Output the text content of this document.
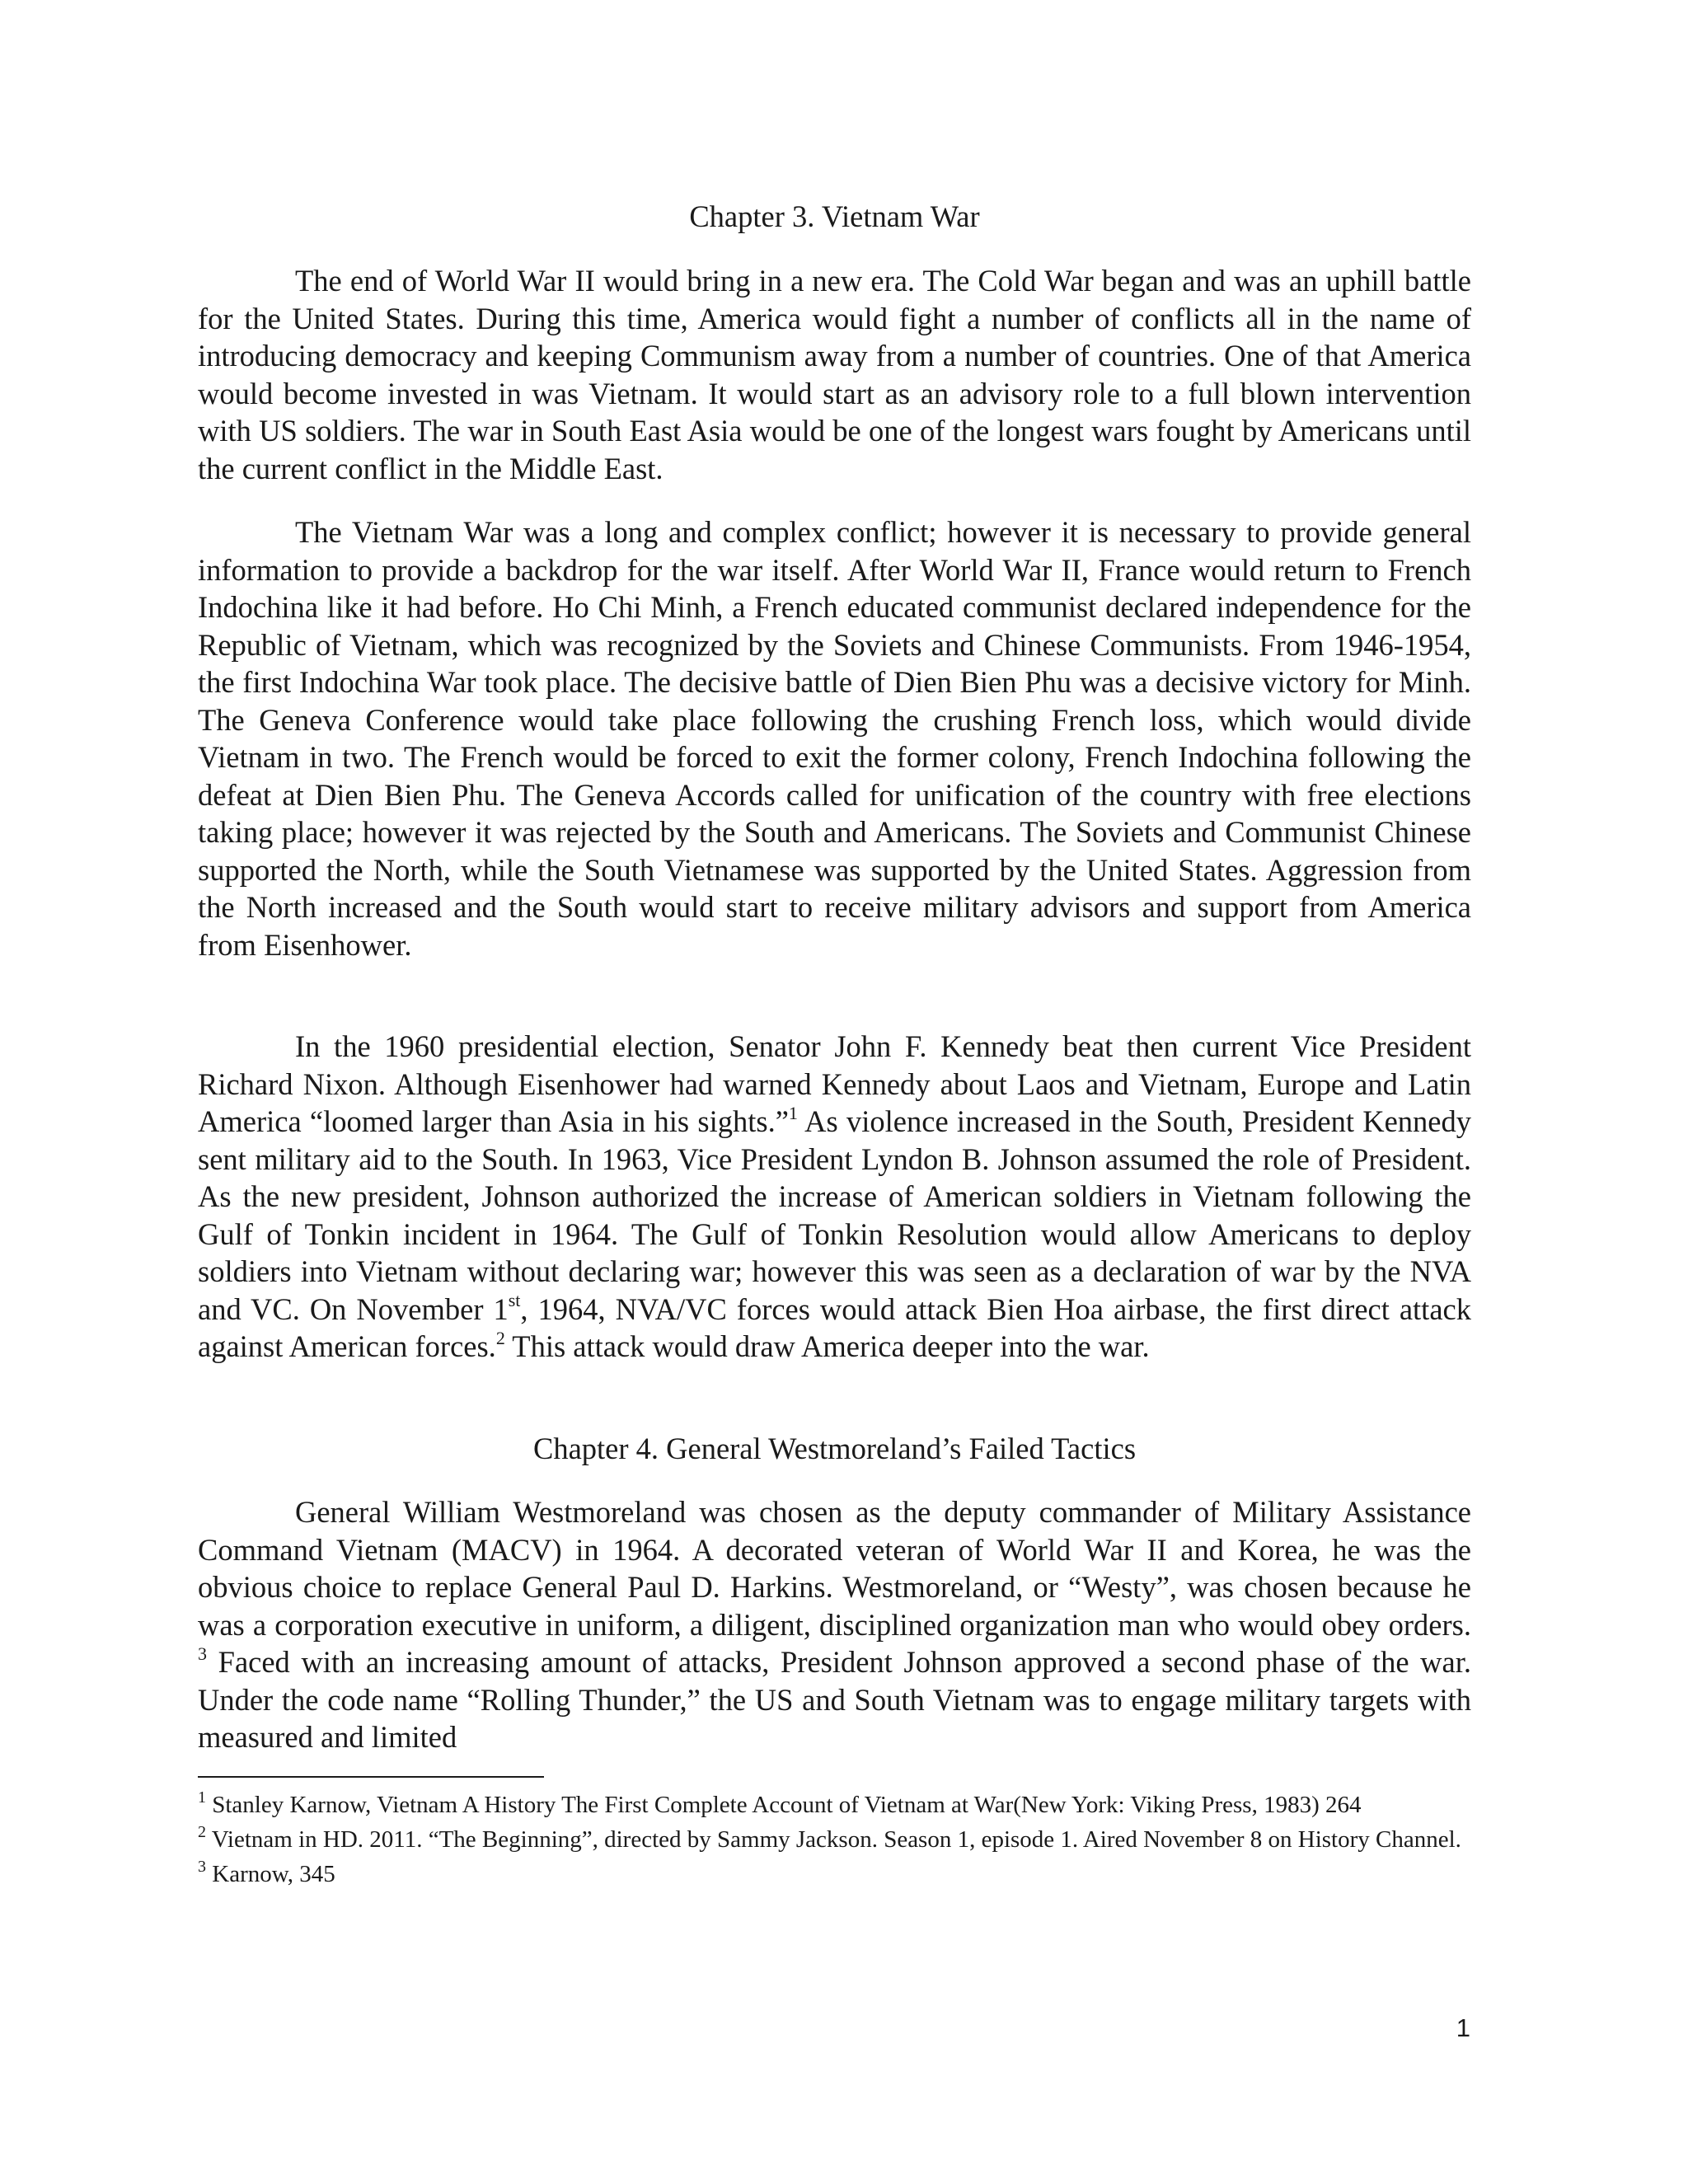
Chapter 3. Vietnam War

The end of World War II would bring in a new era. The Cold War began and was an uphill battle for the United States. During this time, America would fight a number of conflicts all in the name of introducing democracy and keeping Communism away from a number of countries. One of that America would become invested in was Vietnam. It would start as an advisory role to a full blown intervention with US soldiers. The war in South East Asia would be one of the longest wars fought by Americans until the current conflict in the Middle East.

The Vietnam War was a long and complex conflict; however it is necessary to provide general information to provide a backdrop for the war itself. After World War II, France would return to French Indochina like it had before. Ho Chi Minh, a French educated communist declared independence for the Republic of Vietnam, which was recognized by the Soviets and Chinese Communists. From 1946-1954, the first Indochina War took place. The decisive battle of Dien Bien Phu was a decisive victory for Minh. The Geneva Conference would take place following the crushing French loss, which would divide Vietnam in two. The French would be forced to exit the former colony, French Indochina following the defeat at Dien Bien Phu. The Geneva Accords called for unification of the country with free elections taking place; however it was rejected by the South and Americans. The Soviets and Communist Chinese supported the North, while the South Vietnamese was supported by the United States. Aggression from the North increased and the South would start to receive military advisors and support from America from Eisenhower.

In the 1960 presidential election, Senator John F. Kennedy beat then current Vice President Richard Nixon. Although Eisenhower had warned Kennedy about Laos and Vietnam, Europe and Latin America “loomed larger than Asia in his sights.”$^1$ As violence increased in the South, President Kennedy sent military aid to the South. In 1963, Vice President Lyndon B. Johnson assumed the role of President. As the new president, Johnson authorized the increase of American soldiers in Vietnam following the Gulf of Tonkin incident in 1964. The Gulf of Tonkin Resolution would allow Americans to deploy soldiers into Vietnam without declaring war; however this was seen as a declaration of war by the NVA and VC. On November 1st, 1964, NVA/VC forces would attack Bien Hoa airbase, the first direct attack against American forces.$^2$ This attack would draw America deeper into the war.

Chapter 4. General Westmoreland’s Failed Tactics

General William Westmoreland was chosen as the deputy commander of Military Assistance Command Vietnam (MACV) in 1964. A decorated veteran of World War II and Korea, he was the obvious choice to replace General Paul D. Harkins. Westmoreland, or “Westy”, was chosen because he was a corporation executive in uniform, a diligent, disciplined organization man who would obey orders. $^3$ Faced with an increasing amount of attacks, President Johnson approved a second phase of the war. Under the code name “Rolling Thunder,” the US and South Vietnam was to engage military targets with measured and limited

$^1$ Stanley Karnow, Vietnam A History The First Complete Account of Vietnam at War(New York: Viking Press, 1983) 264

$^2$ Vietnam in HD. 2011. “The Beginning”, directed by Sammy Jackson. Season 1, episode 1. Aired November 8 on History Channel.

$^3$ Karnow, 345

1
